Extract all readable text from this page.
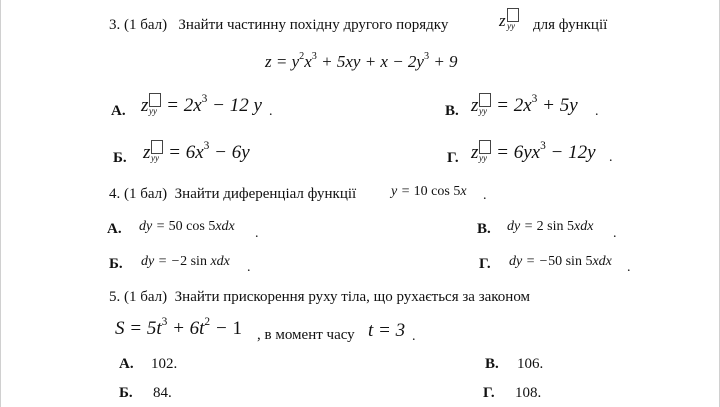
3. (1 бал) Знайти частинну похідну другого порядку	z yy для функції
$z = y^2x^3 + 5xy + x - 2y^3 + 9$
А. z yy = $2x^3 - 12$ y .	В. z yy = $2x^3 + 5y$ .
Б. z yy = $6x^3 - 6y$	Г. z yy = $6yx^3 - 12y$ .
4. (1 бал) Знайти диференціал функції y = 10 cos 5x .
А. dy = 50 cos 5xdx .	В. dy = 2 sin 5xdx .
Б. dy = −2 sin xdx .	Г. dy = −50 sin 5xdx .
5. (1 бал) Знайти прискорення руху тіла, що рухається за законом
$S = 5t^3 + 6t^2 - 1$ , в момент часу t = 3 .
А. 102.	В. 106.
Б. 84.	Г. 108.
